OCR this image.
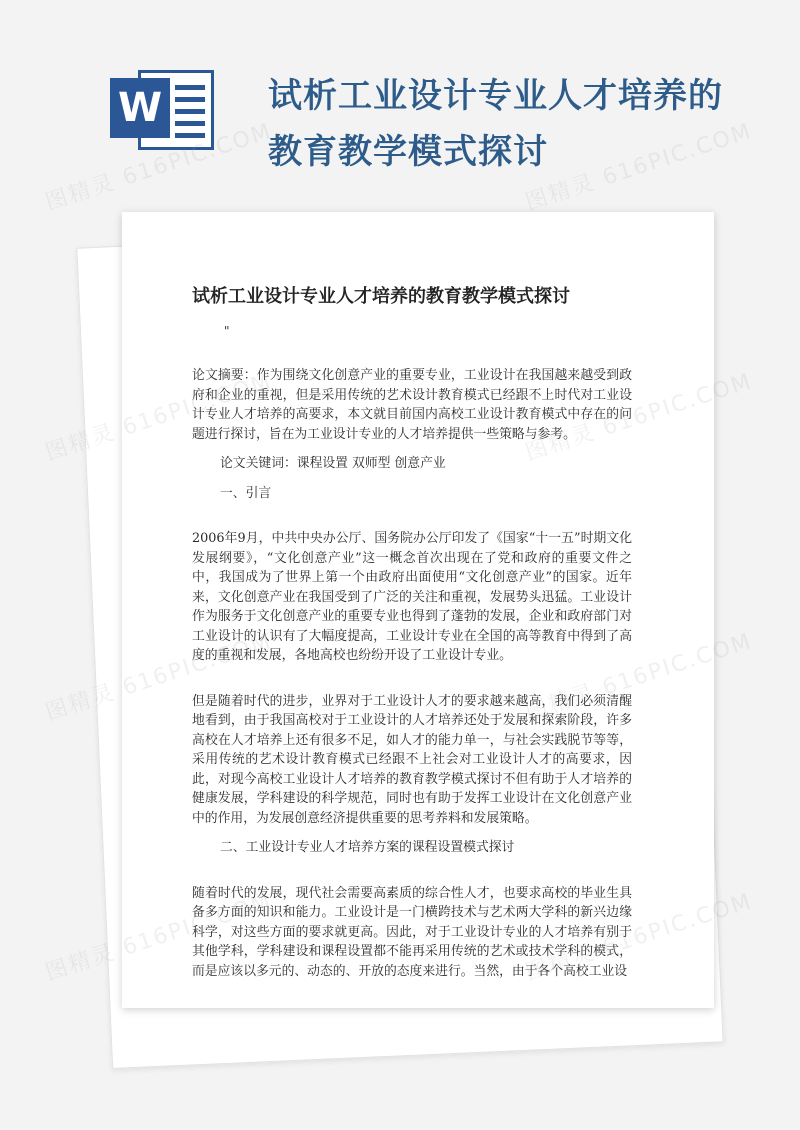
W	试析工业设计专业人才培养的
教育教学模式探讨
试析工业设计专业人才培养的教育教学模式探讨
"

论文摘要：作为围绕文化创意产业的重要专业，工业设计在我国越来越受到政府和企业的重视，但是采用传统的艺术设计教育模式已经跟不上时代对工业设计专业人才培养的高要求，本文就目前国内高校工业设计教育模式中存在的问题进行探讨，旨在为工业设计专业的人才培养提供一些策略与参考。

论文关键词：课程设置 双师型 创意产业

一、引言

2006年9月，中共中央办公厅、国务院办公厅印发了《国家“十一五”时期文化发展纲要》，“文化创意产业”这一概念首次出现在了党和政府的重要文件之中，我国成为了世界上第一个由政府出面使用“文化创意产业”的国家。近年来，文化创意产业在我国受到了广泛的关注和重视，发展势头迅猛。工业设计作为服务于文化创意产业的重要专业也得到了蓬勃的发展，企业和政府部门对工业设计的认识有了大幅度提高，工业设计专业在全国的高等教育中得到了高度的重视和发展，各地高校也纷纷开设了工业设计专业。

但是随着时代的进步，业界对于工业设计人才的要求越来越高，我们必须清醒地看到，由于我国高校对于工业设计的人才培养还处于发展和探索阶段，许多高校在人才培养上还有很多不足，如人才的能力单一，与社会实践脱节等等，采用传统的艺术设计教育模式已经跟不上社会对工业设计人才的高要求，因此，对现今高校工业设计人才培养的教育教学模式探讨不但有助于人才培养的健康发展，学科建设的科学规范，同时也有助于发挥工业设计在文化创意产业中的作用，为发展创意经济提供重要的思考养料和发展策略。

二、工业设计专业人才培养方案的课程设置模式探讨

随着时代的发展，现代社会需要高素质的综合性人才，也要求高校的毕业生具备多方面的知识和能力。工业设计是一门横跨技术与艺术两大学科的新兴边缘科学，对这些方面的要求就更高。因此，对于工业设计专业的人才培养有别于其他学科，学科建设和课程设置都不能再采用传统的艺术或技术学科的模式，而是应该以多元的、动态的、开放的态度来进行。当然，由于各个高校工业设

图精灵 616PIC.COM	图精灵 616PIC.COM
图精灵
图精灵
图精灵
